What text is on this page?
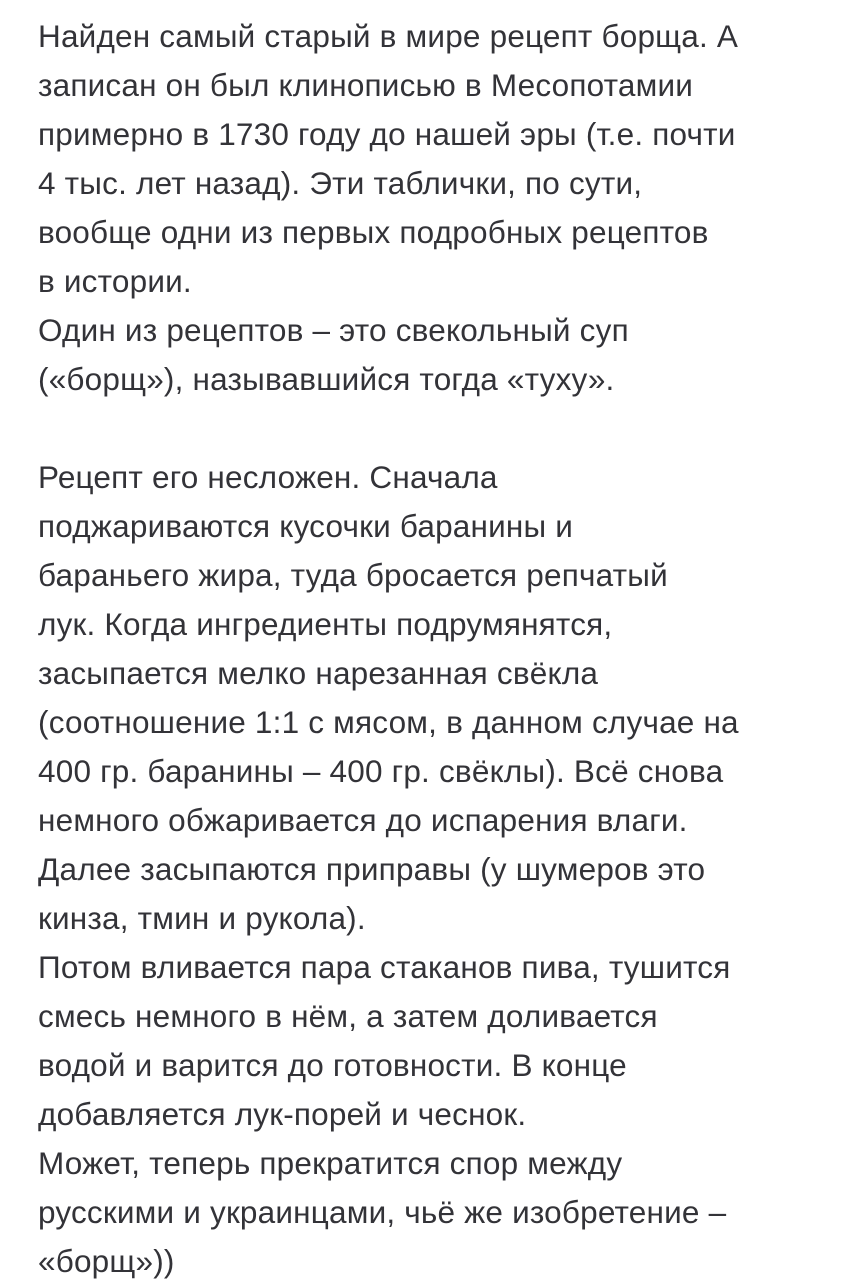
Найден самый старый в мире рецепт борща. А
записан он был клинописью в Месопотамии
примерно в 1730 году до нашей эры (т.е. почти
4 тыс. лет назад). Эти таблички, по сути,
вообще одни из первых подробных рецептов
в истории.
Один из рецептов – это свекольный суп
(«борщ»), называвшийся тогда «туху».
Рецепт его несложен. Сначала
поджариваются кусочки баранины и
бараньего жира, туда бросается репчатый
лук. Когда ингредиенты подрумянятся,
засыпается мелко нарезанная свёкла
(соотношение 1:1 с мясом, в данном случае на
400 гр. баранины – 400 гр. свёклы). Всё снова
немного обжаривается до испарения влаги.
Далее засыпаются приправы (у шумеров это
кинза, тмин и рукола).
Потом вливается пара стаканов пива, тушится
смесь немного в нём, а затем доливается
водой и варится до готовности. В конце
добавляется лук-порей и чеснок.
Может, теперь прекратится спор между
русскими и украинцами, чьё же изобретение –
«борщ»))
